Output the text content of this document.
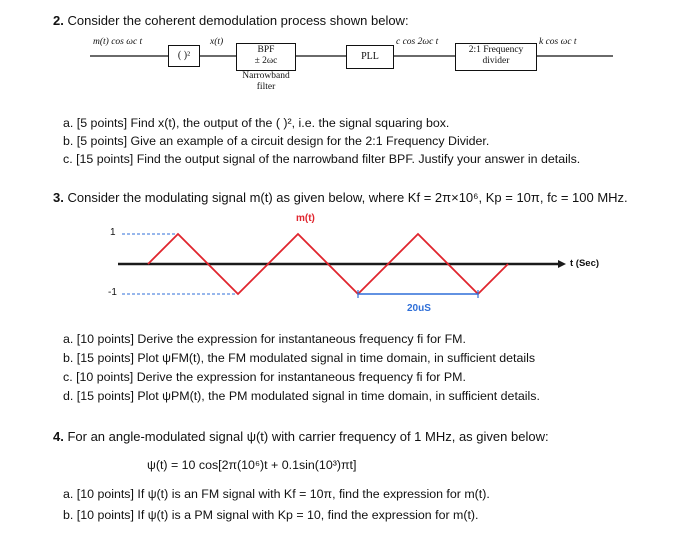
2. Consider the coherent demodulation process shown below:
m(t) cos ωc t
( )²
x(t)
BPF
± 2ωc
Narrowband
filter
PLL
c cos 2ωc t
2:1 Frequency
divider
k cos ωc t
a. [5 points] Find x(t), the output of the ( )², i.e. the signal squaring box.
b. [5 points] Give an example of a circuit design for the 2:1 Frequency Divider.
c. [15 points] Find the output signal of the narrowband filter BPF. Justify your answer in details.
3. Consider the modulating signal m(t) as given below, where Kf = 2π×10⁶, Kp = 10π, fc = 100 MHz.
m(t)
1
-1
t (Sec)
20uS
a. [10 points] Derive the expression for instantaneous frequency fi for FM.
b. [15 points] Plot ψFM(t), the FM modulated signal in time domain, in sufficient details
c. [10 points] Derive the expression for instantaneous frequency fi for PM.
d. [15 points] Plot ψPM(t), the PM modulated signal in time domain, in sufficient details.
4. For an angle-modulated signal ψ(t) with carrier frequency of 1 MHz, as given below:
ψ(t) = 10 cos[2π(10⁶)t + 0.1sin(10³)πt]
a. [10 points] If ψ(t) is an FM signal with Kf = 10π, find the expression for m(t).
b. [10 points] If ψ(t) is a PM signal with Kp = 10, find the expression for m(t).
